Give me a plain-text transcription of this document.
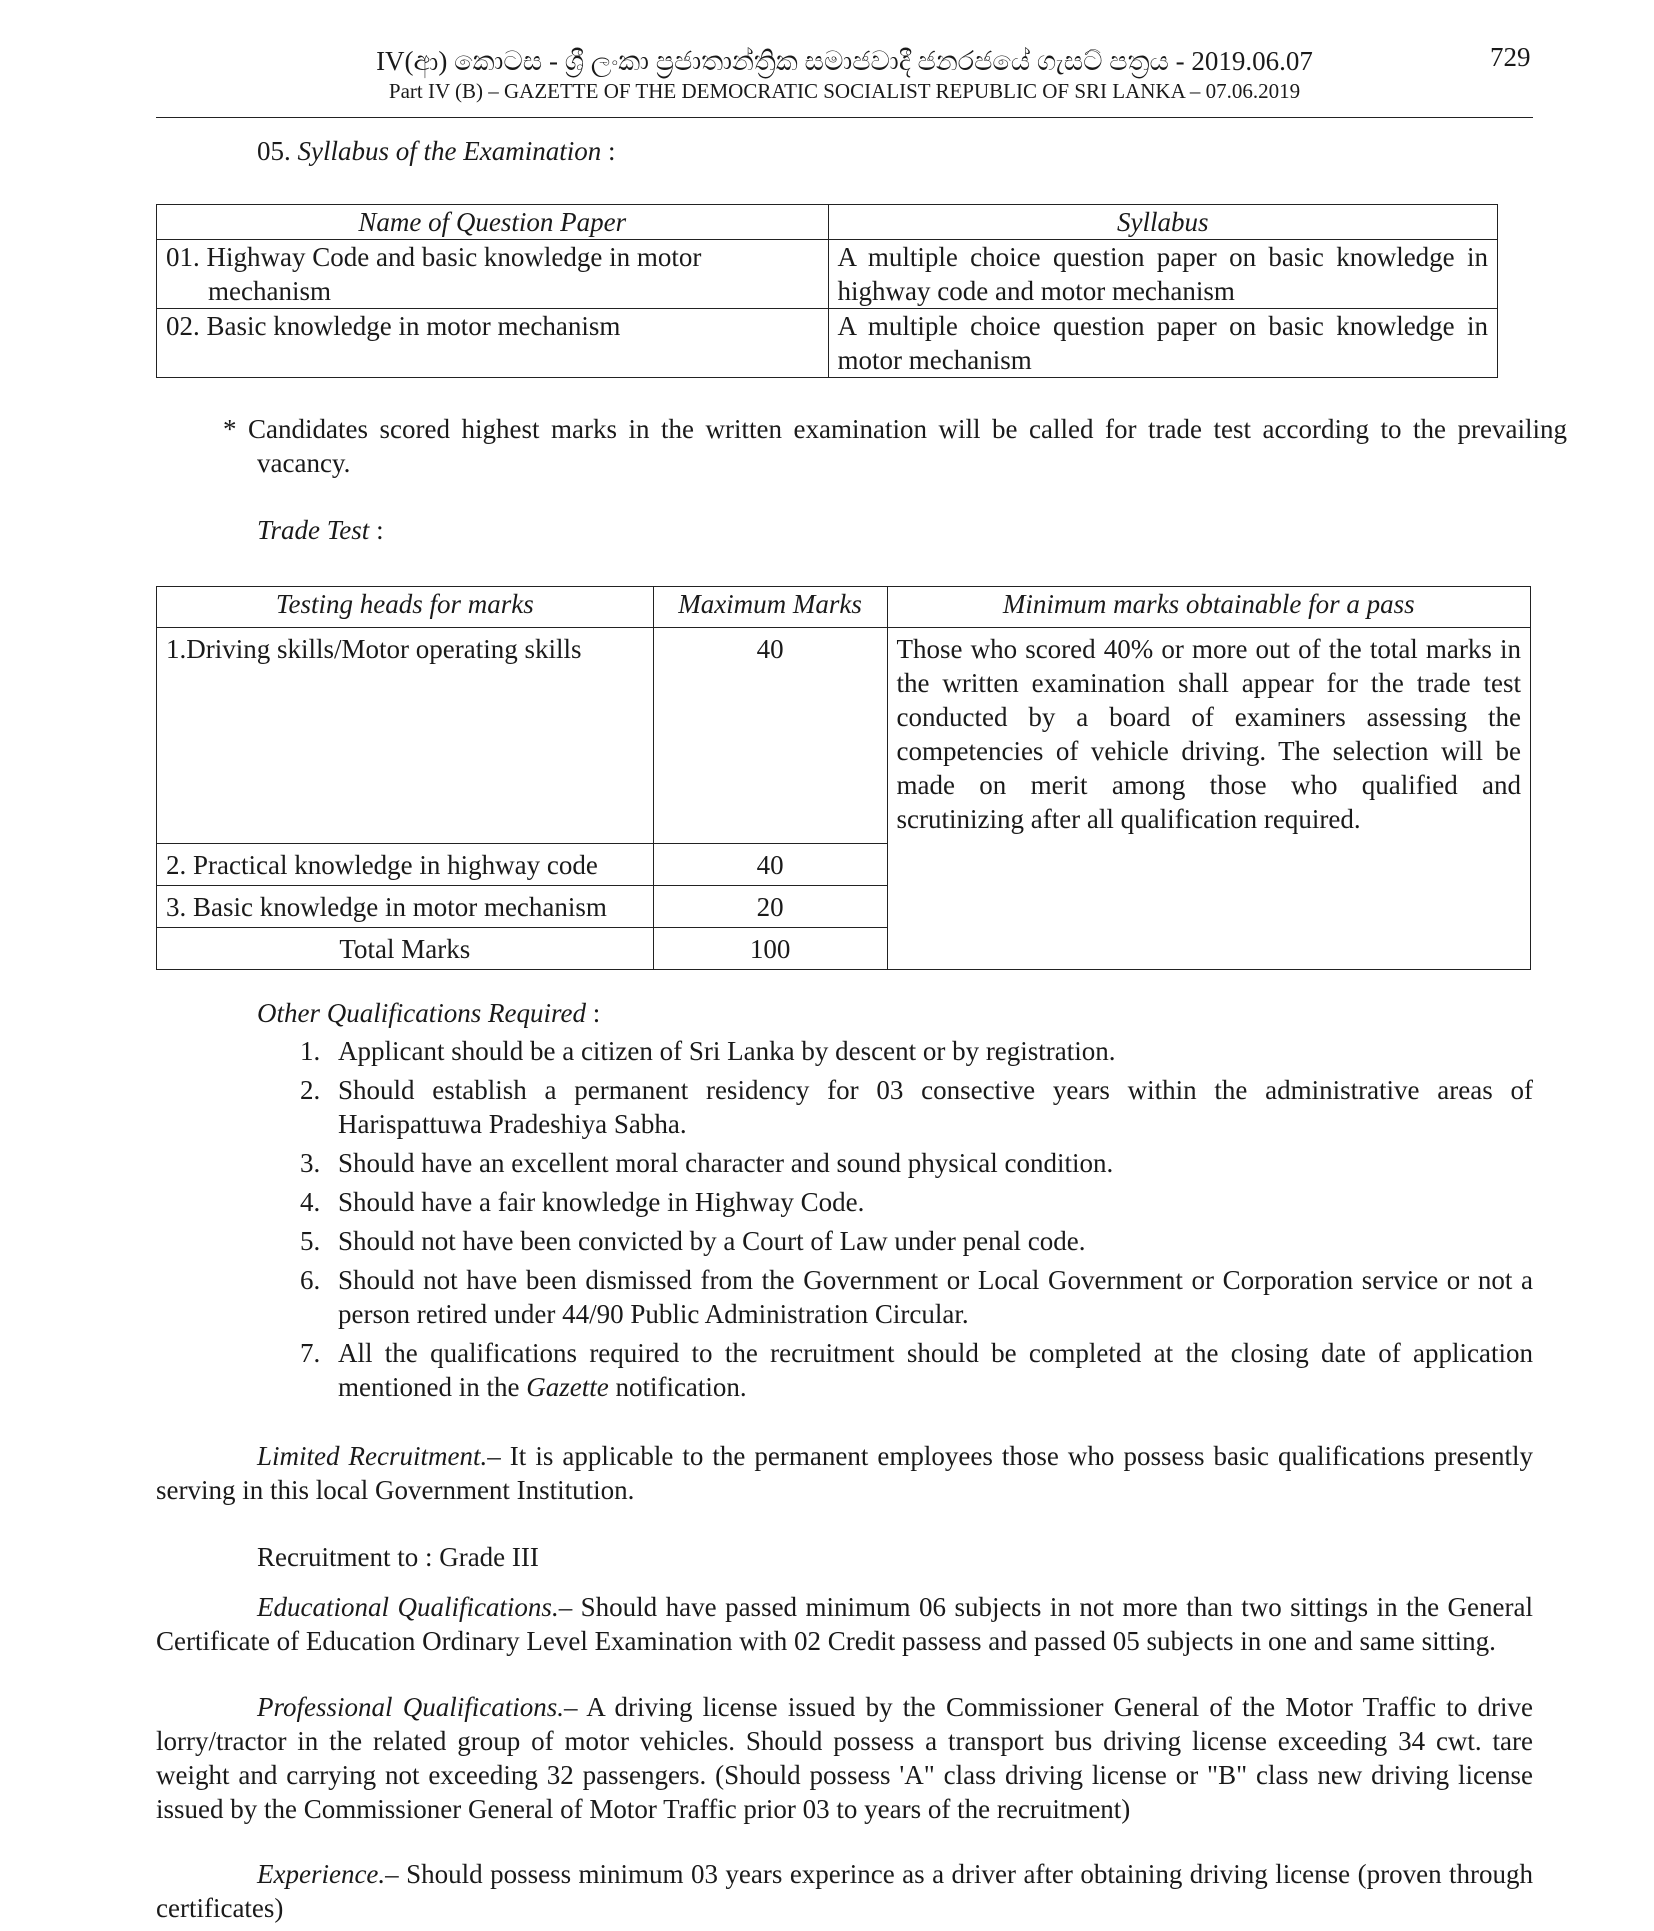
IV(ආ) කොටස - ශ්‍රී ලංකා ප්‍රජාතාන්ත්‍රික සමාජවාදී ජනරජයේ ගැසට් පත්‍රය - 2019.06.07
Part IV (B) – GAZETTE OF THE DEMOCRATIC SOCIALIST REPUBLIC OF SRI LANKA – 07.06.2019
729
05. Syllabus of the Examination :
Name of Question Paper	Syllabus
01. Highway Code and basic knowledge in motor mechanism	A multiple choice question paper on basic knowledge in highway code and motor mechanism
02. Basic knowledge in motor mechanism	A multiple choice question paper on basic knowledge in motor mechanism
* Candidates scored highest marks in the written examination will be called for trade test according to the prevailing vacancy.
Trade Test :
Testing heads for marks	Maximum Marks	Minimum marks obtainable for a pass
1.Driving skills/Motor operating skills	40	Those who scored 40% or more out of the total marks in the written examination shall appear for the trade test conducted by a board of examiners assessing the competencies of vehicle driving. The selection will be made on merit among those who qualified and scrutinizing after all qualification required.
2. Practical knowledge in highway code	40	
3. Basic knowledge in motor mechanism	20	
Total Marks	100	
Other Qualifications Required :
1. Applicant should be a citizen of Sri Lanka by descent or by registration.
2. Should establish a permanent residency for 03 consective years within the administrative areas of Harispattuwa Pradeshiya Sabha.
3. Should have an excellent moral character and sound physical condition.
4. Should have a fair knowledge in Highway Code.
5. Should not have been convicted by a Court of Law under penal code.
6. Should not have been dismissed from the Government or Local Government or Corporation service or not a person retired under 44/90 Public Administration Circular.
7. All the qualifications required to the recruitment should be completed at the closing date of application mentioned in the Gazette notification.
Limited Recruitment.– It is applicable to the permanent employees those who possess basic qualifications presently serving in this local Government Institution.
Recruitment to : Grade III
Educational Qualifications.– Should have passed minimum 06 subjects in not more than two sittings in the General Certificate of Education Ordinary Level Examination with 02 Credit passess and passed 05 subjects in one and same sitting.
Professional Qualifications.– A driving license issued by the Commissioner General of the Motor Traffic to drive lorry/tractor in the related group of motor vehicles. Should possess a transport bus driving license exceeding 34 cwt. tare weight and carrying not exceeding 32 passengers. (Should possess 'A" class driving license or "B" class new driving license issued by the Commissioner General of Motor Traffic prior 03 to years of the recruitment)
Experience.– Should possess minimum 03 years experince as a driver after obtaining driving license (proven through certificates)
